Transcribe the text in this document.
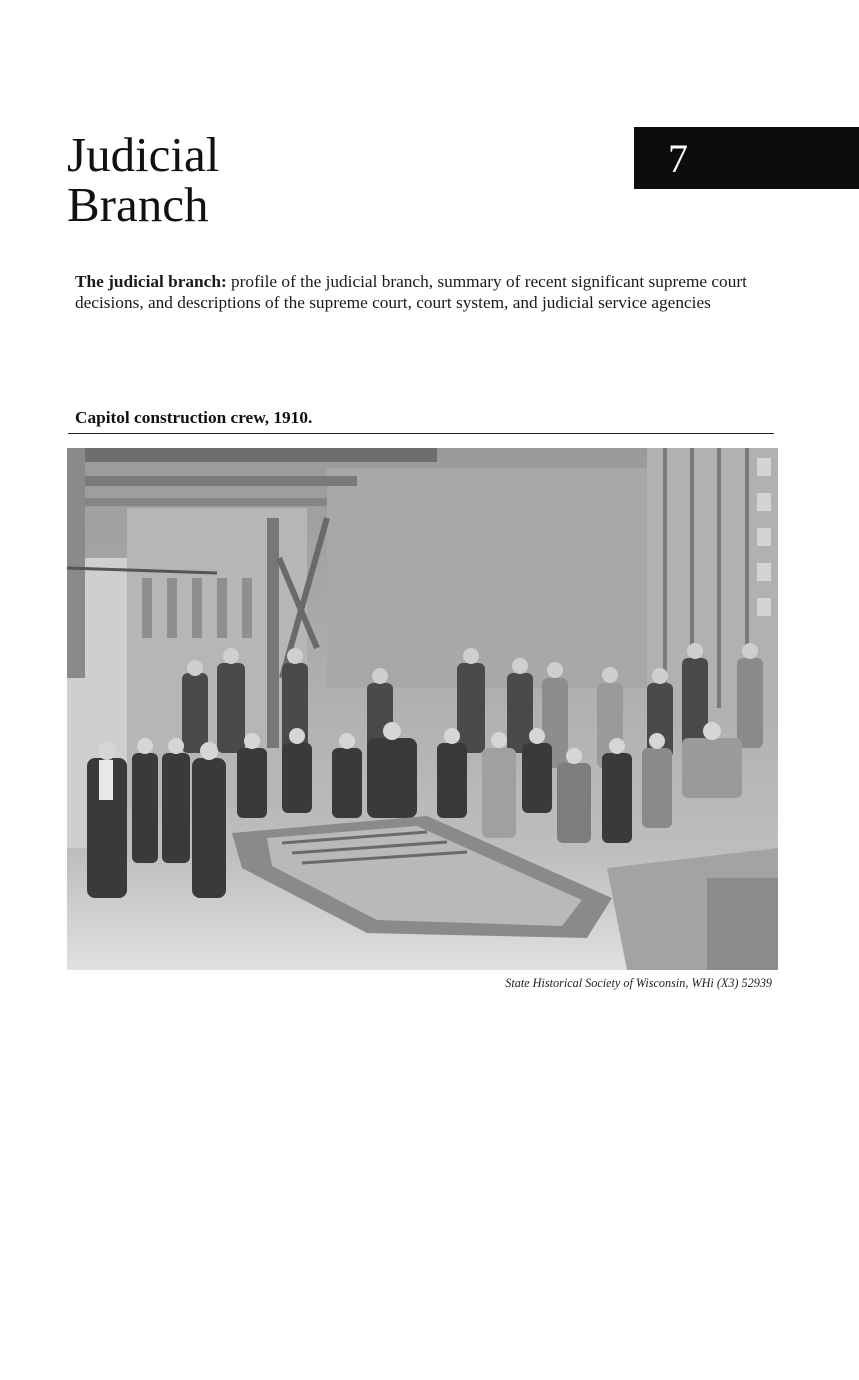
Judicial
Branch
7

The judicial branch: profile of the judicial branch, summary of recent significant supreme court decisions, and descriptions of the supreme court, court system, and judicial service agencies

Capitol construction crew, 1910.

State Historical Society of Wisconsin, WHi (X3) 52939
